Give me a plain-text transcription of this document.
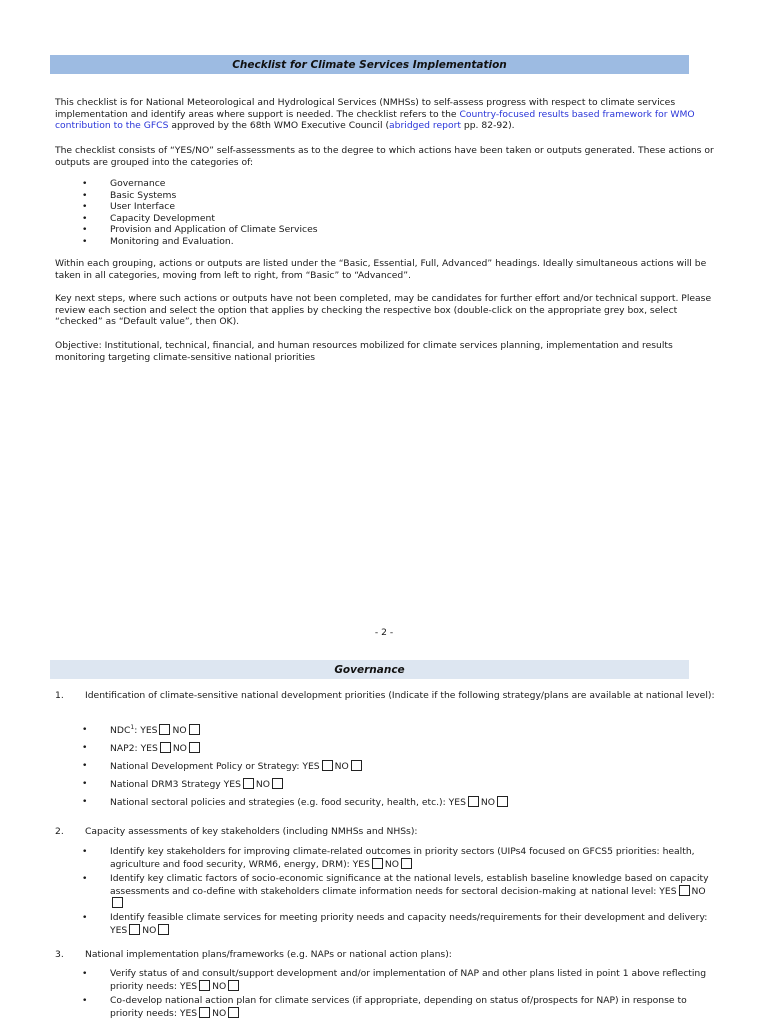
Checklist for Climate Services Implementation

This checklist is for National Meteorological and Hydrological Services (NMHSs) to self-assess progress with respect to climate services implementation and identify areas where support is needed. The checklist refers to the Country-focused results based framework for WMO contribution to the GFCS approved by the 68th WMO Executive Council (abridged report pp. 82-92).

The checklist consists of “YES/NO” self-assessments as to the degree to which actions have been taken or outputs generated. These actions or outputs are grouped into the categories of:

• Governance
• Basic Systems
• User Interface
• Capacity Development
• Provision and Application of Climate Services
• Monitoring and Evaluation.

Within each grouping, actions or outputs are listed under the “Basic, Essential, Full, Advanced” headings. Ideally simultaneous actions will be taken in all categories, moving from left to right, from “Basic” to “Advanced”.

Key next steps, where such actions or outputs have not been completed, may be candidates for further effort and/or technical support. Please review each section and select the option that applies by checking the respective box (double-click on the appropriate grey box, select “checked” as “Default value”, then OK).

Objective: Institutional, technical, financial, and human resources mobilized for climate services planning, implementation and results monitoring targeting climate-sensitive national priorities

- 2 -
Governance
1. Identification of climate-sensitive national development priorities (Indicate if the following strategy/plans are available at national level):
• NDC$^1$: YES NO
• NAP2: YES NO
• National Development Policy or Strategy: YES NO
• National DRM3 Strategy YES NO
• National sectoral policies and strategies (e.g. food security, health, etc.): YES NO
2. Capacity assessments of key stakeholders (including NMHSs and NHSs):
• Identify key stakeholders for improving climate-related outcomes in priority sectors (UIPs4 focused on GFCS5 priorities: health, agriculture and food security, WRM6, energy, DRM): YES NO
• Identify key climatic factors of socio-economic significance at the national levels, establish baseline knowledge based on capacity assessments and co-define with stakeholders climate information needs for sectoral decision-making at national level: YES NO
• Identify feasible climate services for meeting priority needs and capacity needs/requirements for their development and delivery: YES NO
3. National implementation plans/frameworks (e.g. NAPs or national action plans):
• Verify status of and consult/support development and/or implementation of NAP and other plans listed in point 1 above reflecting priority needs: YES NO
• Co-develop national action plan for climate services (if appropriate, depending on status of/prospects for NAP) in response to priority needs: YES NO
